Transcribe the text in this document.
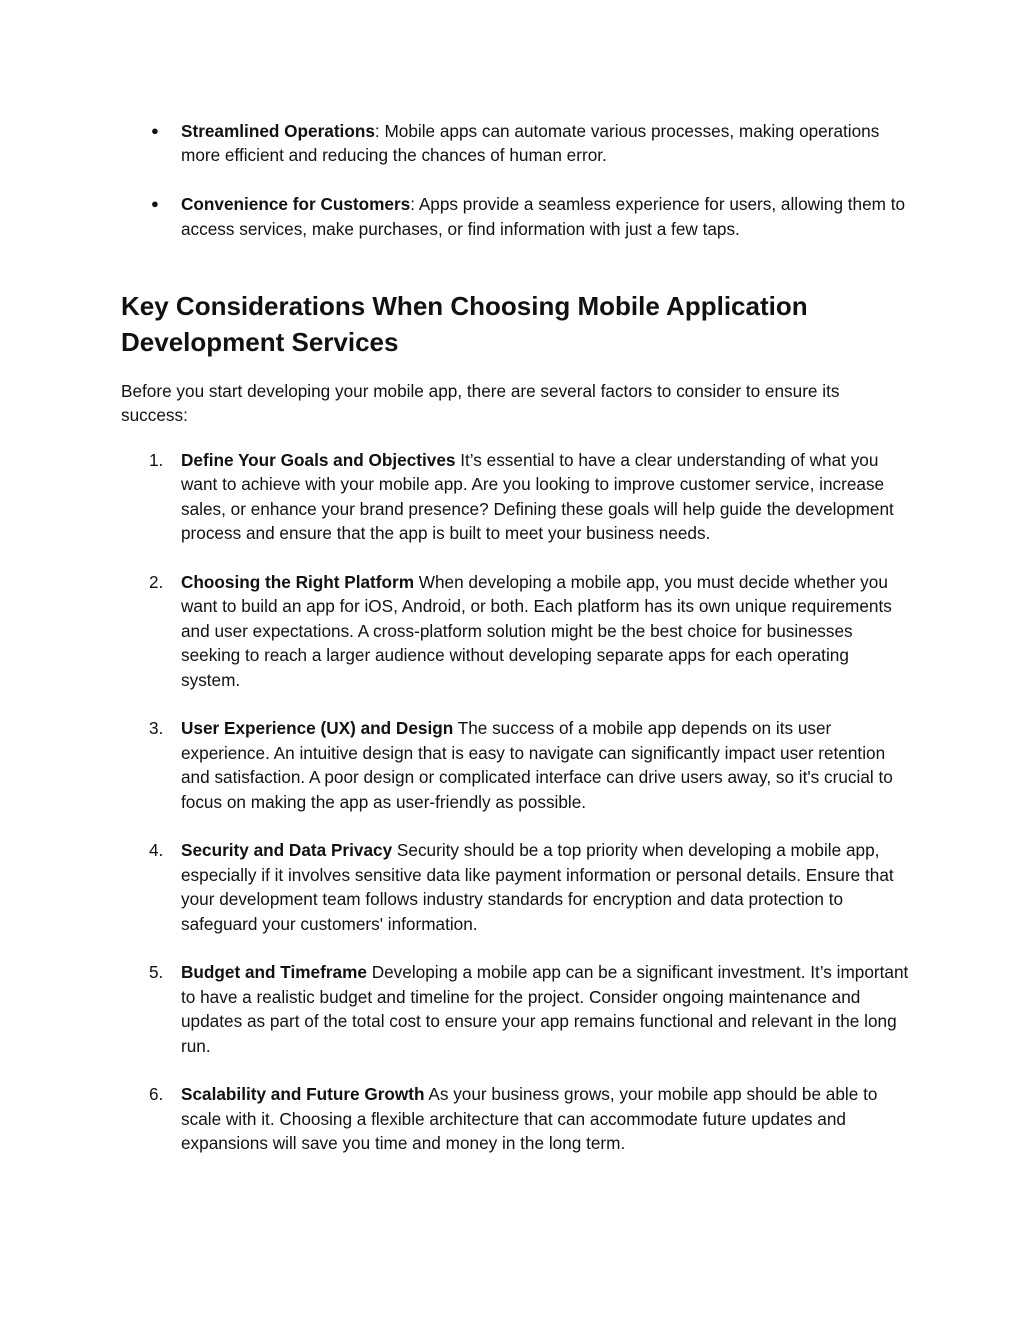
●	Streamlined Operations: Mobile apps can automate various processes, making operations more efficient and reducing the chances of human error.
●	Convenience for Customers: Apps provide a seamless experience for users, allowing them to access services, make purchases, or find information with just a few taps.
Key Considerations When Choosing Mobile Application Development Services

Before you start developing your mobile app, there are several factors to consider to ensure its success:

1.	Define Your Goals and Objectives It’s essential to have a clear understanding of what you want to achieve with your mobile app. Are you looking to improve customer service, increase sales, or enhance your brand presence? Defining these goals will help guide the development process and ensure that the app is built to meet your business needs.
2.	Choosing the Right Platform When developing a mobile app, you must decide whether you want to build an app for iOS, Android, or both. Each platform has its own unique requirements and user expectations. A cross-platform solution might be the best choice for businesses seeking to reach a larger audience without developing separate apps for each operating system.
3.	User Experience (UX) and Design The success of a mobile app depends on its user experience. An intuitive design that is easy to navigate can significantly impact user retention and satisfaction. A poor design or complicated interface can drive users away, so it's crucial to focus on making the app as user-friendly as possible.
4.	Security and Data Privacy Security should be a top priority when developing a mobile app, especially if it involves sensitive data like payment information or personal details. Ensure that your development team follows industry standards for encryption and data protection to safeguard your customers' information.
5.	Budget and Timeframe Developing a mobile app can be a significant investment. It’s important to have a realistic budget and timeline for the project. Consider ongoing maintenance and updates as part of the total cost to ensure your app remains functional and relevant in the long run.
6.	Scalability and Future Growth As your business grows, your mobile app should be able to scale with it. Choosing a flexible architecture that can accommodate future updates and expansions will save you time and money in the long term.
